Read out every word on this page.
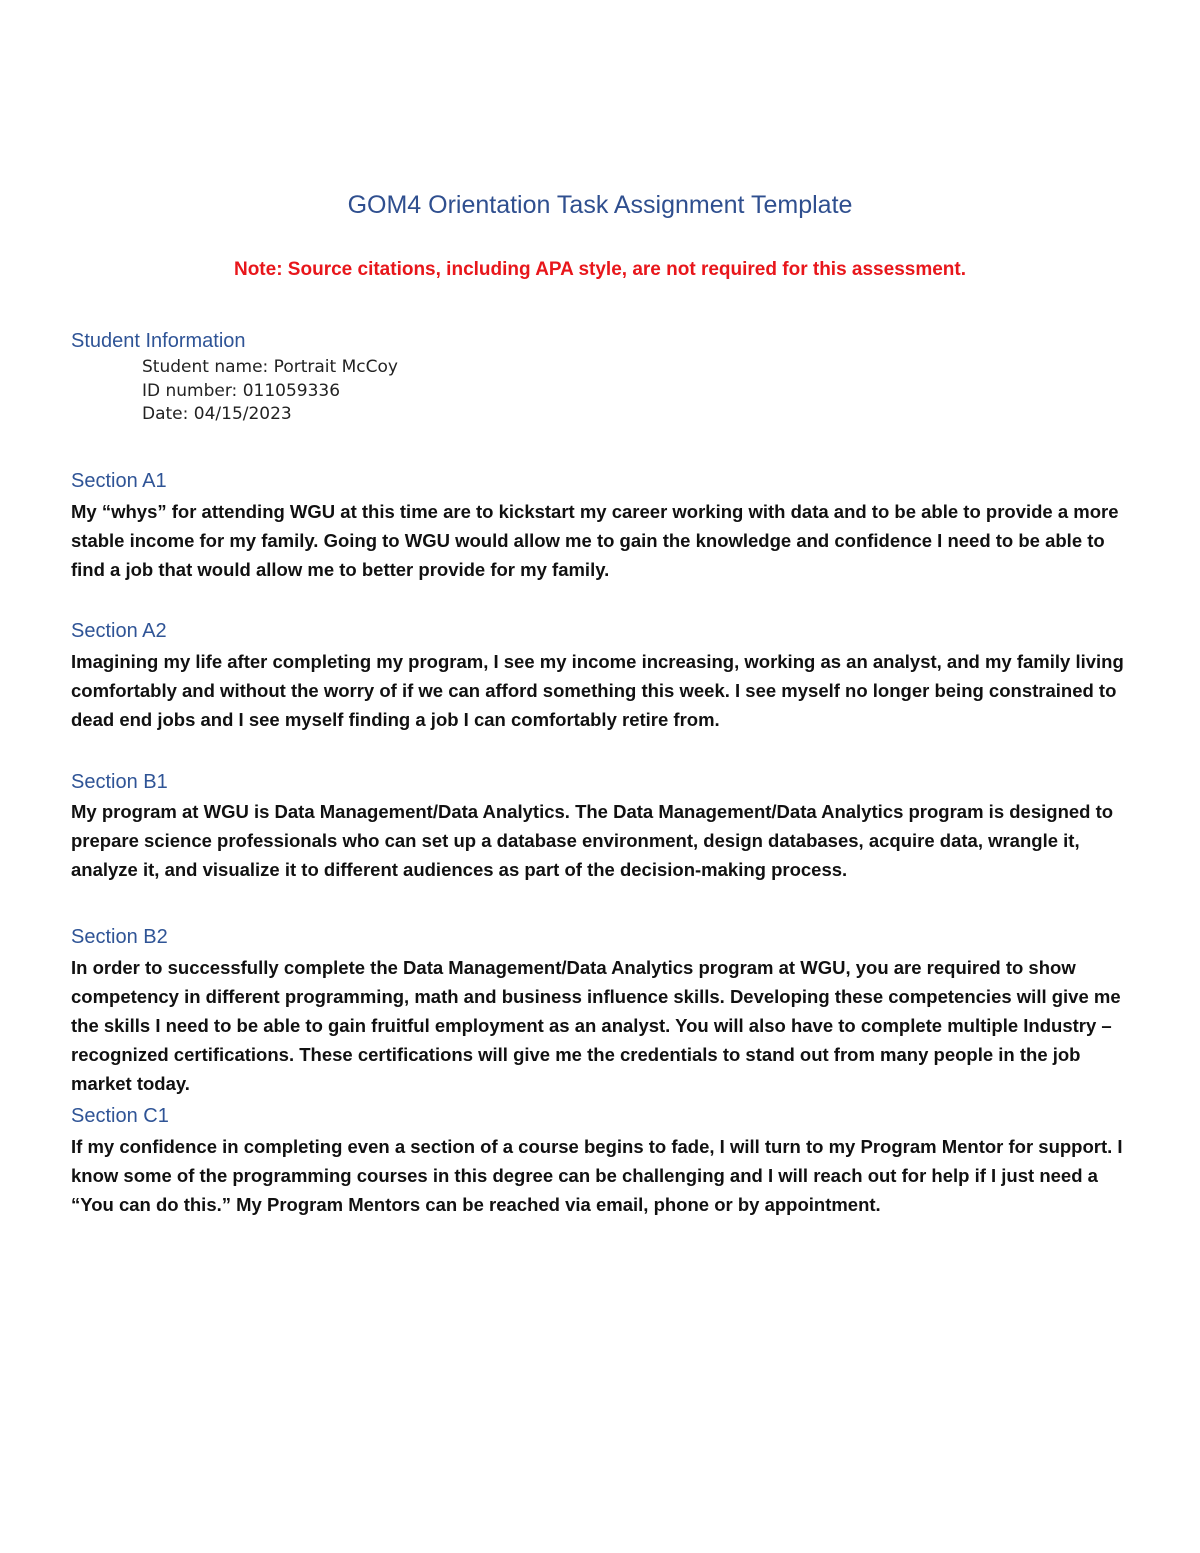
GOM4 Orientation Task Assignment Template
Note: Source citations, including APA style, are not required for this assessment.
Student Information
Student name: Portrait McCoy
ID number: 011059336
Date: 04/15/2023
Section A1
My “whys” for attending WGU at this time are to kickstart my career working with data and to be able to provide a more stable income for my family. Going to WGU would allow me to gain the knowledge and confidence I need to be able to find a job that would allow me to better provide for my family.
Section A2
Imagining my life after completing my program, I see my income increasing, working as an analyst, and my family living comfortably and without the worry of if we can afford something this week. I see myself no longer being constrained to dead end jobs and I see myself finding a job I can comfortably retire from.
Section B1
My program at WGU is Data Management/Data Analytics. The Data Management/Data Analytics program is designed to prepare science professionals who can set up a database environment, design databases, acquire data, wrangle it, analyze it, and visualize it to different audiences as part of the decision-making process.
Section B2
In order to successfully complete the Data Management/Data Analytics program at WGU, you are required to show competency in different programming, math and business influence skills. Developing these competencies will give me the skills I need to be able to gain fruitful employment as an analyst. You will also have to complete multiple Industry – recognized certifications. These certifications will give me the credentials to stand out from many people in the job market today.
Section C1
If my confidence in completing even a section of a course begins to fade, I will turn to my Program Mentor for support. I know some of the programming courses in this degree can be challenging and I will reach out for help if I just need a “You can do this.” My Program Mentors can be reached via email, phone or by appointment.
